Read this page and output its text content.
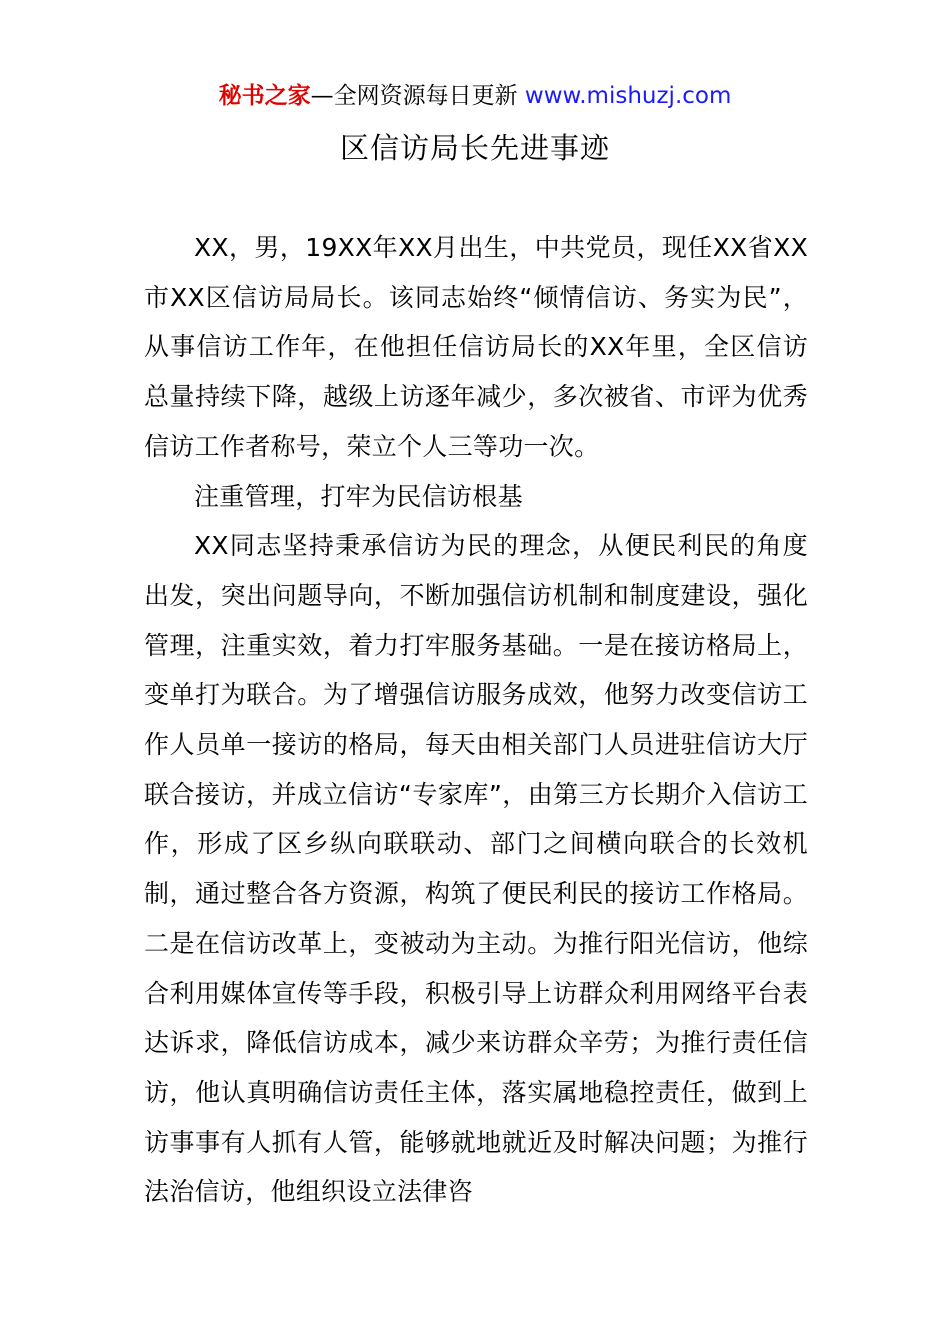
秘书之家—全网资源每日更新 www.mishuzj.com
区信访局长先进事迹

XX，男，19XX年XX月出生，中共党员，现任XX省XX市XX区信访局局长。该同志始终“倾情信访、务实为民”，从事信访工作年，在他担任信访局长的XX年里，全区信访总量持续下降，越级上访逐年减少，多次被省、市评为优秀信访工作者称号，荣立个人三等功一次。

注重管理，打牢为民信访根基

XX同志坚持秉承信访为民的理念，从便民利民的角度出发，突出问题导向，不断加强信访机制和制度建设，强化管理，注重实效，着力打牢服务基础。一是在接访格局上，变单打为联合。为了增强信访服务成效，他努力改变信访工作人员单一接访的格局，每天由相关部门人员进驻信访大厅联合接访，并成立信访“专家库”，由第三方长期介入信访工作，形成了区乡纵向联联动、部门之间横向联合的长效机制，通过整合各方资源，构筑了便民利民的接访工作格局。二是在信访改革上，变被动为主动。为推行阳光信访，他综合利用媒体宣传等手段，积极引导上访群众利用网络平台表达诉求，降低信访成本，减少来访群众辛劳；为推行责任信访，他认真明确信访责任主体，落实属地稳控责任，做到上访事事有人抓有人管，能够就地就近及时解决问题；为推行法治信访，他组织设立法律咨
